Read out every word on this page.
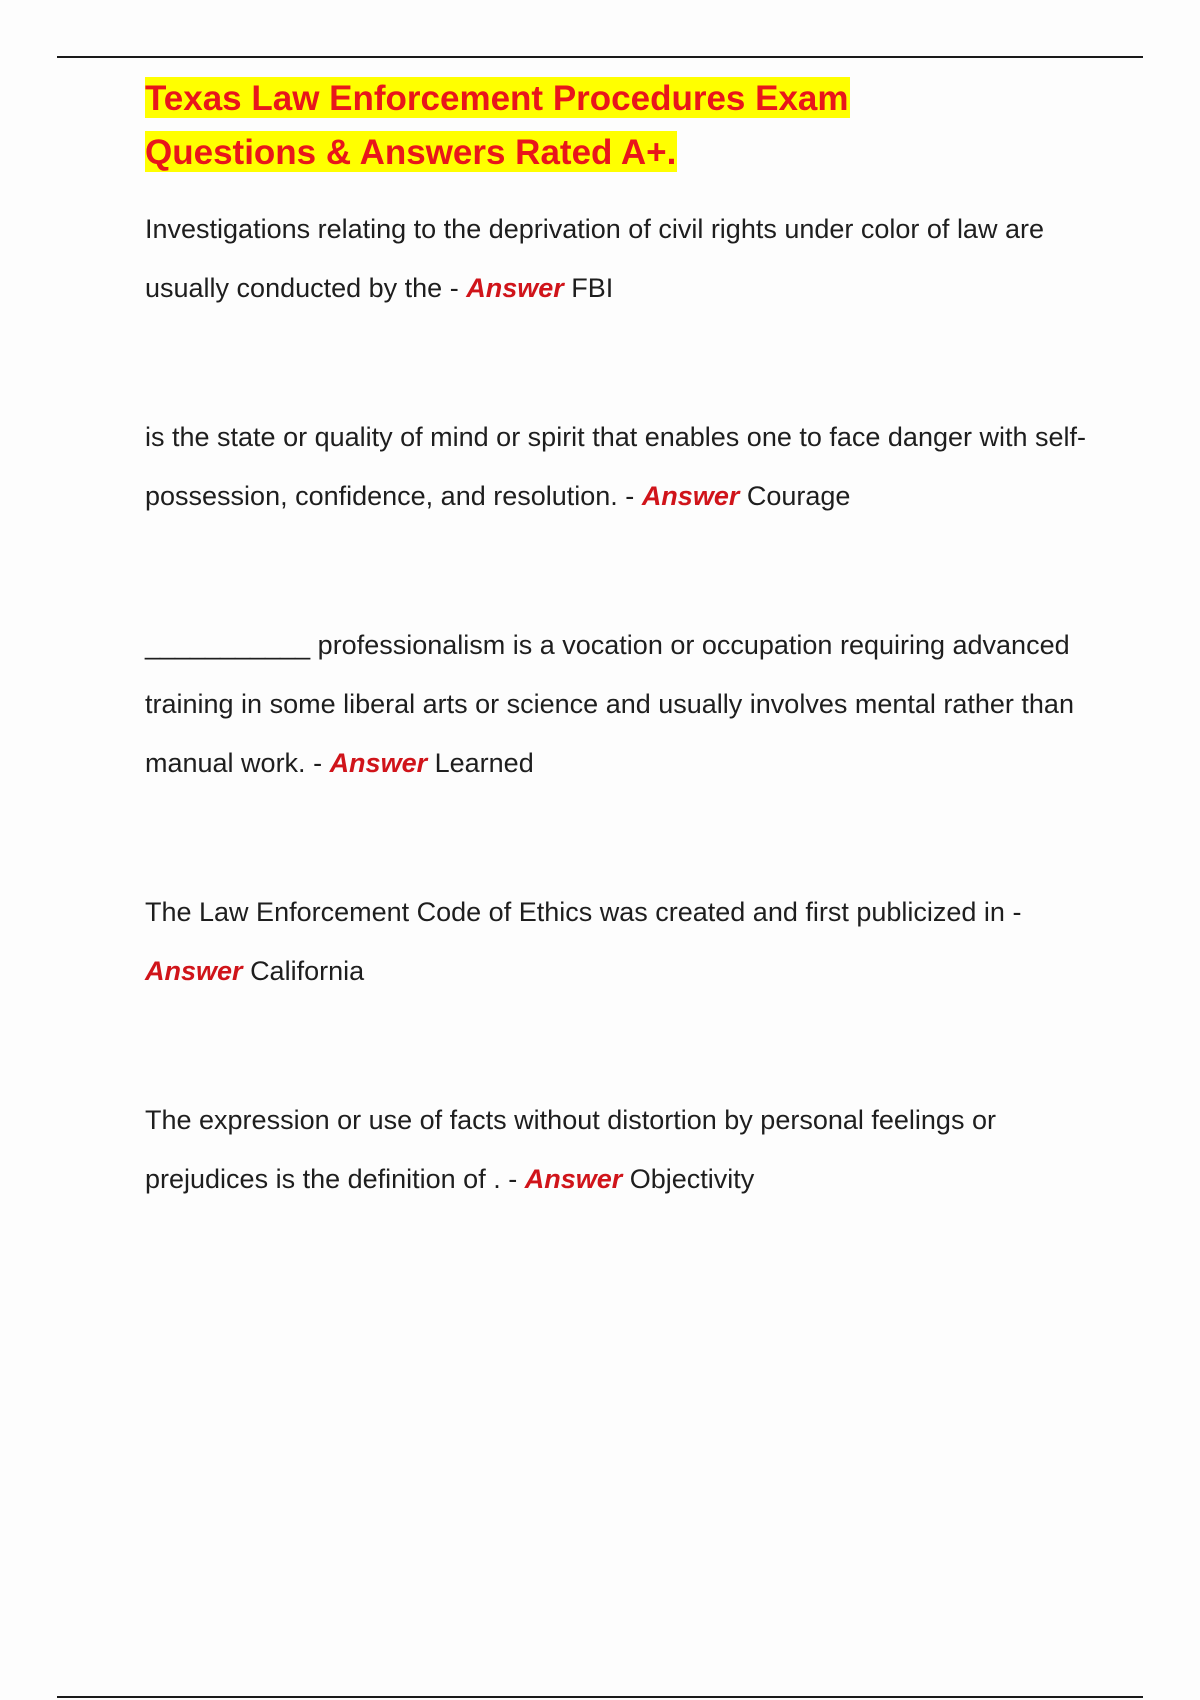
Texas Law Enforcement Procedures Exam
Questions & Answers Rated A+.

Investigations relating to the deprivation of civil rights under color of law are usually conducted by the - Answer FBI

is the state or quality of mind or spirit that enables one to face danger with self-possession, confidence, and resolution. - Answer Courage

___________ professionalism is a vocation or occupation requiring advanced training in some liberal arts or science and usually involves mental rather than manual work. - Answer Learned

The Law Enforcement Code of Ethics was created and first publicized in - Answer California

The expression or use of facts without distortion by personal feelings or prejudices is the definition of . - Answer Objectivity
